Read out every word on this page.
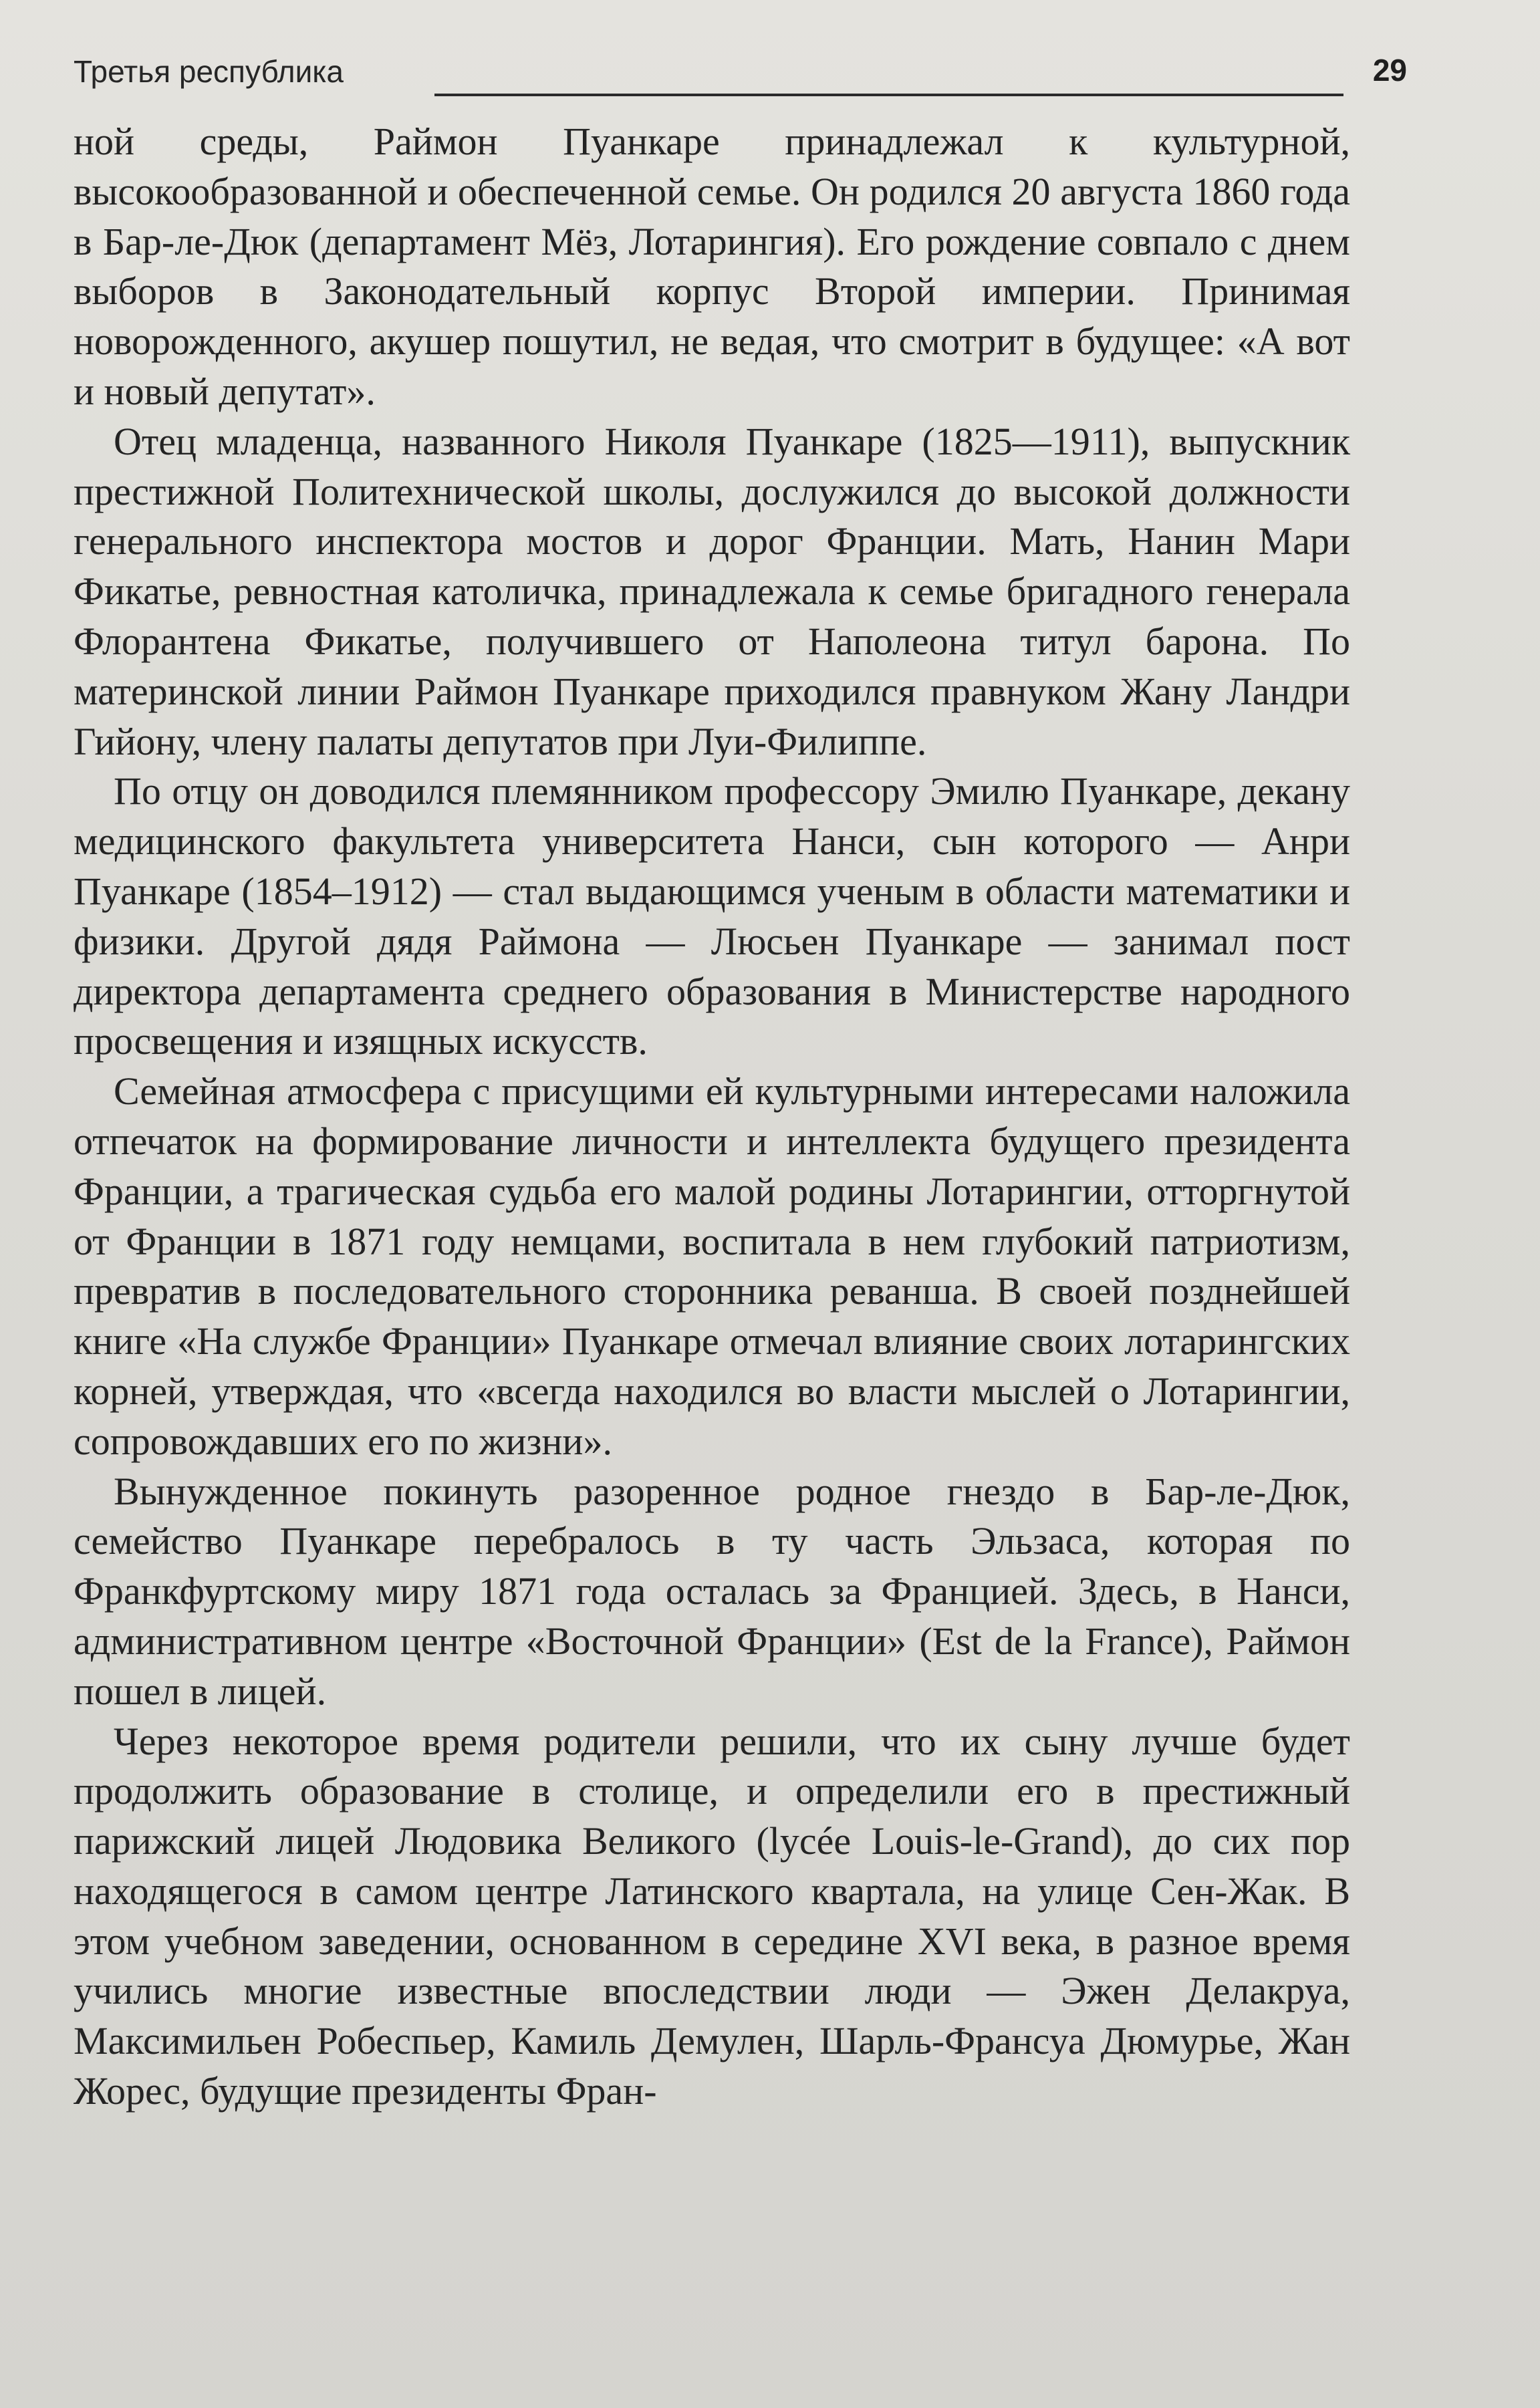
Третья республика	29

ной среды, Раймон Пуанкаре принадлежал к культурной, высокообразованной и обеспеченной семье. Он родился 20 августа 1860 года в Бар-ле-Дюк (департамент Мёз, Лотарингия). Его рождение совпало с днем выборов в Законодательный корпус Второй империи. Принимая новорожденного, акушер пошутил, не ведая, что смотрит в будущее: «А вот и новый депутат».

Отец младенца, названного Николя Пуанкаре (1825—1911), выпускник престижной Политехнической школы, дослужился до высокой должности генерального инспектора мостов и дорог Франции. Мать, Нанин Мари Фикатье, ревностная католичка, принадлежала к семье бригадного генерала Флорантена Фикатье, получившего от Наполеона титул барона. По материнской линии Раймон Пуанкаре приходился правнуком Жану Ландри Гийону, члену палаты депутатов при Луи-Филиппе.

По отцу он доводился племянником профессору Эмилю Пуанкаре, декану медицинского факультета университета Нанси, сын которого — Анри Пуанкаре (1854–1912) — стал выдающимся ученым в области математики и физики. Другой дядя Раймона — Люсьен Пуанкаре — занимал пост директора департамента среднего образования в Министерстве народного просвещения и изящных искусств.

Семейная атмосфера с присущими ей культурными интересами наложила отпечаток на формирование личности и интеллекта будущего президента Франции, а трагическая судьба его малой родины Лотарингии, отторгнутой от Франции в 1871 году немцами, воспитала в нем глубокий патриотизм, превратив в последовательного сторонника реванша. В своей позднейшей книге «На службе Франции» Пуанкаре отмечал влияние своих лотарингских корней, утверждая, что «всегда находился во власти мыслей о Лотарингии, сопровождавших его по жизни».

Вынужденное покинуть разоренное родное гнездо в Бар-ле-Дюк, семейство Пуанкаре перебралось в ту часть Эльзаса, которая по Франкфуртскому миру 1871 года осталась за Францией. Здесь, в Нанси, административном центре «Восточной Франции» (Est de la France), Раймон пошел в лицей.

Через некоторое время родители решили, что их сыну лучше будет продолжить образование в столице, и определили его в престижный парижский лицей Людовика Великого (lycée Louis-le-Grand), до сих пор находящегося в самом центре Латинского квартала, на улице Сен-Жак. В этом учебном заведении, основанном в середине XVI века, в разное время учились многие известные впоследствии люди — Эжен Делакруа, Максимильен Робеспьер, Камиль Демулен, Шарль-Франсуа Дюмурье, Жан Жорес, будущие президенты Фран-
